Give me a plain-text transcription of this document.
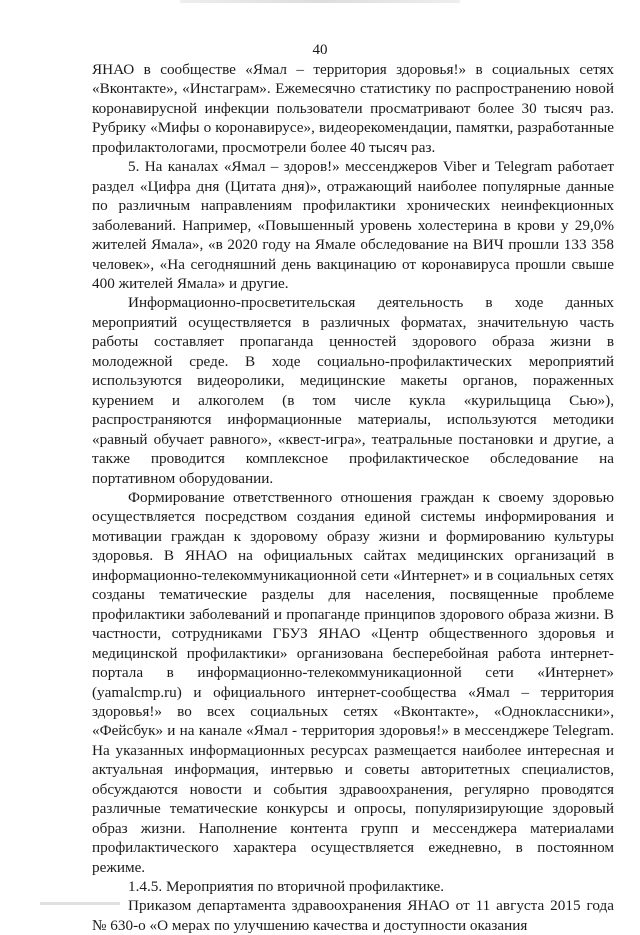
40

ЯНАО в сообществе «Ямал – территория здоровья!» в социальных сетях «Вконтакте», «Инстаграм». Ежемесячно статистику по распространению новой коронавирусной инфекции пользователи просматривают более 30 тысяч раз. Рубрику «Мифы о коронавирусе», видеорекомендации, памятки, разработанные профилактологами, просмотрели более 40 тысяч раз.

5. На каналах «Ямал – здоров!» мессенджеров Viber и Telegram работает раздел «Цифра дня (Цитата дня)», отражающий наиболее популярные данные по различным направлениям профилактики хронических неинфекционных заболеваний. Например, «Повышенный уровень холестерина в крови у 29,0% жителей Ямала», «в 2020 году на Ямале обследование на ВИЧ прошли 133 358 человек», «На сегодняшний день вакцинацию от коронавируса прошли свыше 400 жителей Ямала» и другие.

Информационно-просветительская деятельность в ходе данных мероприятий осуществляется в различных форматах, значительную часть работы составляет пропаганда ценностей здорового образа жизни в молодежной среде. В ходе социально-профилактических мероприятий используются видеоролики, медицинские макеты органов, пораженных курением и алкоголем (в том числе кукла «курильщица Сью»), распространяются информационные материалы, используются методики «равный обучает равного», «квест-игра», театральные постановки и другие, а также проводится комплексное профилактическое обследование на портативном оборудовании.

Формирование ответственного отношения граждан к своему здоровью осуществляется посредством создания единой системы информирования и мотивации граждан к здоровому образу жизни и формированию культуры здоровья. В ЯНАО на официальных сайтах медицинских организаций в информационно-телекоммуникационной сети «Интернет» и в социальных сетях созданы тематические разделы для населения, посвященные проблеме профилактики заболеваний и пропаганде принципов здорового образа жизни. В частности, сотрудниками ГБУЗ ЯНАО «Центр общественного здоровья и медицинской профилактики» организована бесперебойная работа интернет-портала в информационно-телекоммуникационной сети «Интернет» (yamalcmp.ru) и официального интернет-сообщества «Ямал – территория здоровья!» во всех социальных сетях «Вконтакте», «Одноклассники», «Фейсбук» и на канале «Ямал - территория здоровья!» в мессенджере Telegram. На указанных информационных ресурсах размещается наиболее интересная и актуальная информация, интервью и советы авторитетных специалистов, обсуждаются новости и события здравоохранения, регулярно проводятся различные тематические конкурсы и опросы, популяризирующие здоровый образ жизни. Наполнение контента групп и мессенджера материалами профилактического характера осуществляется ежедневно, в постоянном режиме.

1.4.5. Мероприятия по вторичной профилактике.

Приказом департамента здравоохранения ЯНАО от 11 августа 2015 года № 630-о «О мерах по улучшению качества и доступности оказания
